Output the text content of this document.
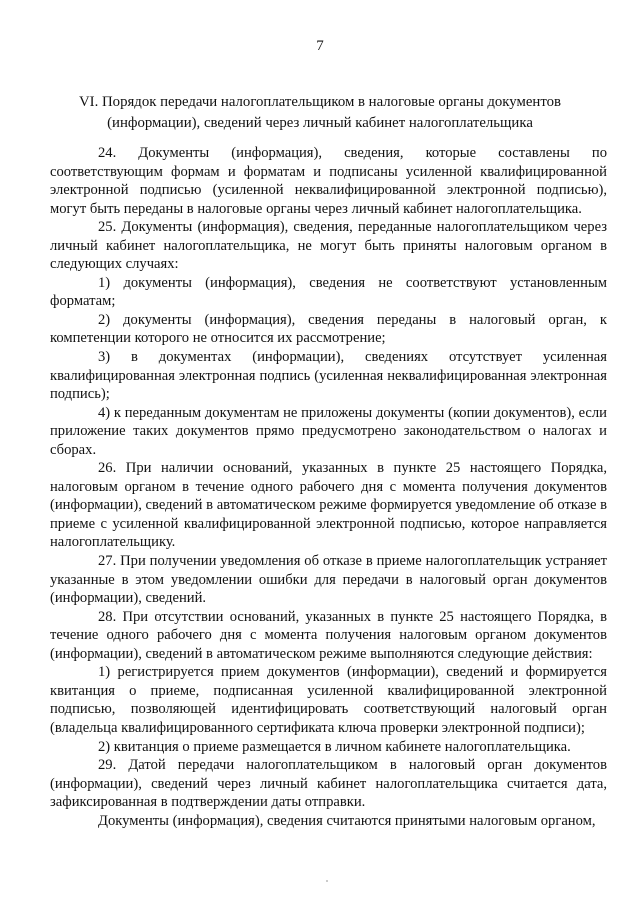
7
VI. Порядок передачи налогоплательщиком в налоговые органы документов (информации), сведений через личный кабинет налогоплательщика

24. Документы (информация), сведения, которые составлены по соответствующим формам и форматам и подписаны усиленной квалифицированной электронной подписью (усиленной неквалифицированной электронной подписью), могут быть переданы в налоговые органы через личный кабинет налогоплательщика.

25. Документы (информация), сведения, переданные налогоплательщиком через личный кабинет налогоплательщика, не могут быть приняты налоговым органом в следующих случаях:

1) документы (информация), сведения не соответствуют установленным форматам;

2) документы (информация), сведения переданы в налоговый орган, к компетенции которого не относится их рассмотрение;

3) в документах (информации), сведениях отсутствует усиленная квалифицированная электронная подпись (усиленная неквалифицированная электронная подпись);

4) к переданным документам не приложены документы (копии документов), если приложение таких документов прямо предусмотрено законодательством о налогах и сборах.

26. При наличии оснований, указанных в пункте 25 настоящего Порядка, налоговым органом в течение одного рабочего дня с момента получения документов (информации), сведений в автоматическом режиме формируется уведомление об отказе в приеме с усиленной квалифицированной электронной подписью, которое направляется налогоплательщику.

27. При получении уведомления об отказе в приеме налогоплательщик устраняет указанные в этом уведомлении ошибки для передачи в налоговый орган документов (информации), сведений.

28. При отсутствии оснований, указанных в пункте 25 настоящего Порядка, в течение одного рабочего дня с момента получения налоговым органом документов (информации), сведений в автоматическом режиме выполняются следующие действия:

1) регистрируется прием документов (информации), сведений и формируется квитанция о приеме, подписанная усиленной квалифицированной электронной подписью, позволяющей идентифицировать соответствующий налоговый орган (владельца квалифицированного сертификата ключа проверки электронной подписи);

2) квитанция о приеме размещается в личном кабинете налогоплательщика.

29. Датой передачи налогоплательщиком в налоговый орган документов (информации), сведений через личный кабинет налогоплательщика считается дата, зафиксированная в подтверждении даты отправки.

Документы (информация), сведения считаются принятыми налоговым органом,
